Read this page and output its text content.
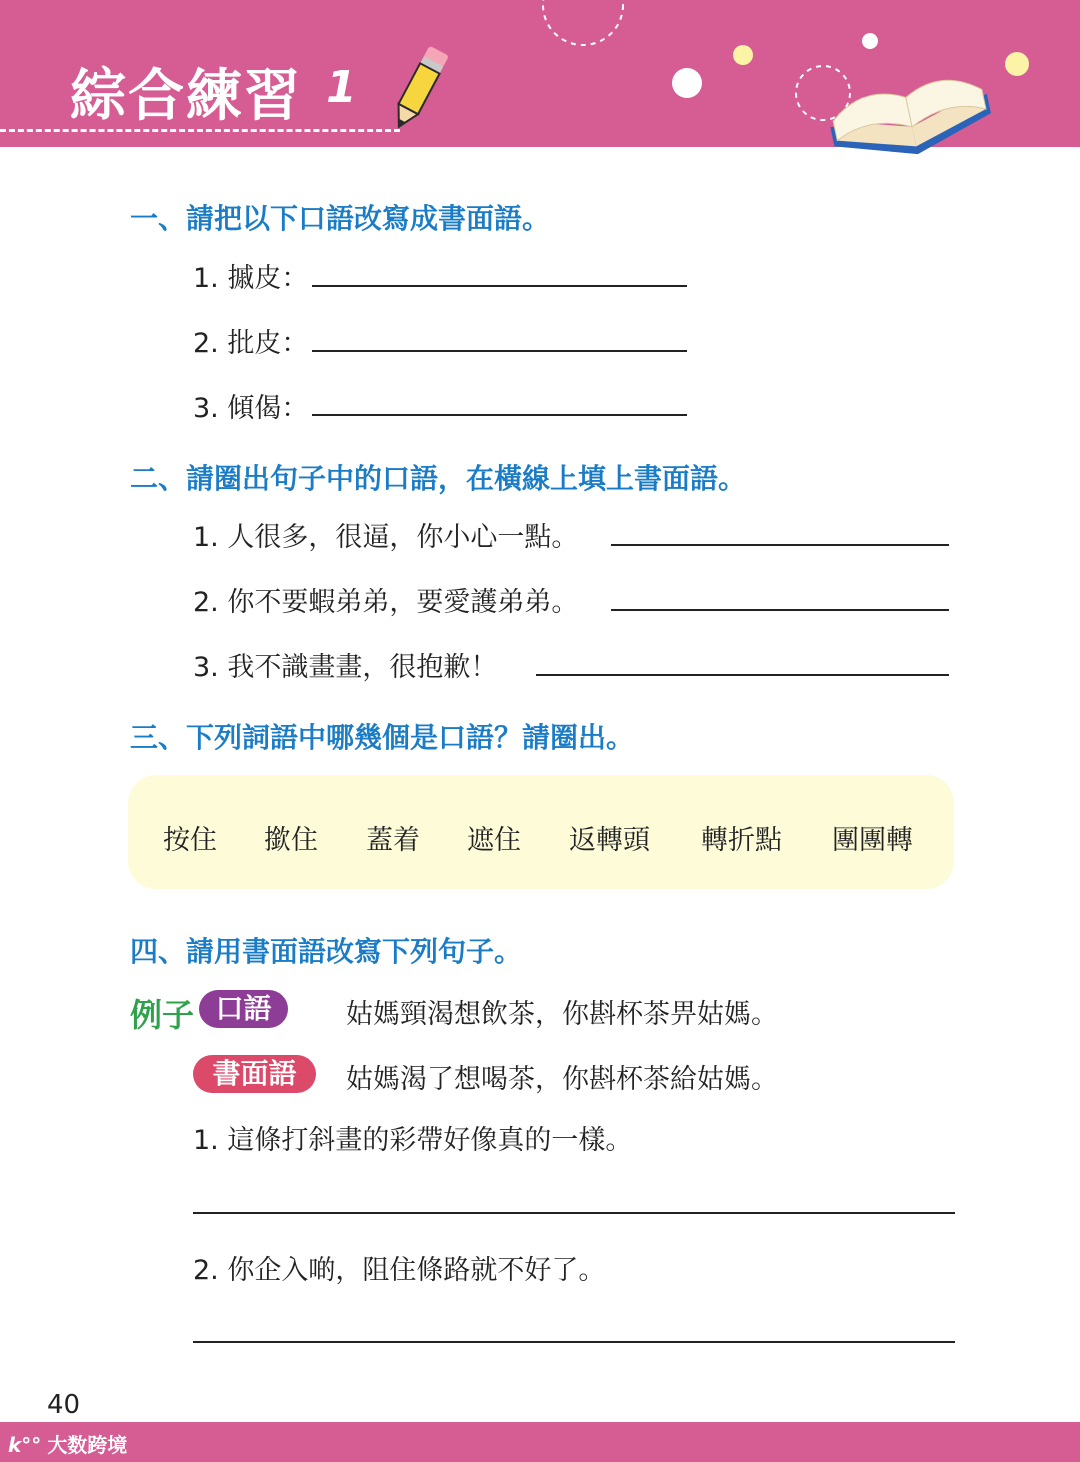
綜合練習 1
一、請把以下口語改寫成書面語。
1. 摵皮：
2. 批皮：
3. 傾偈：
二、請圈出句子中的口語，在橫線上填上書面語。
1. 人很多，很逼，你小心一點。
2. 你不要蝦弟弟，要愛護弟弟。
3. 我不識畫畫，很抱歉！
三、下列詞語中哪幾個是口語？請圈出。
按住 撳住 蓋着 遮住 返轉頭 轉折點 團團轉
四、請用書面語改寫下列句子。
例子 口語	姑媽頸渴想飲茶，你斟杯茶畀姑媽。
書面語	姑媽渴了想喝茶，你斟杯茶給姑媽。
1. 這條打斜畫的彩帶好像真的一樣。
2. 你企入啲，阻住條路就不好了。
40
k°° 大数跨境
